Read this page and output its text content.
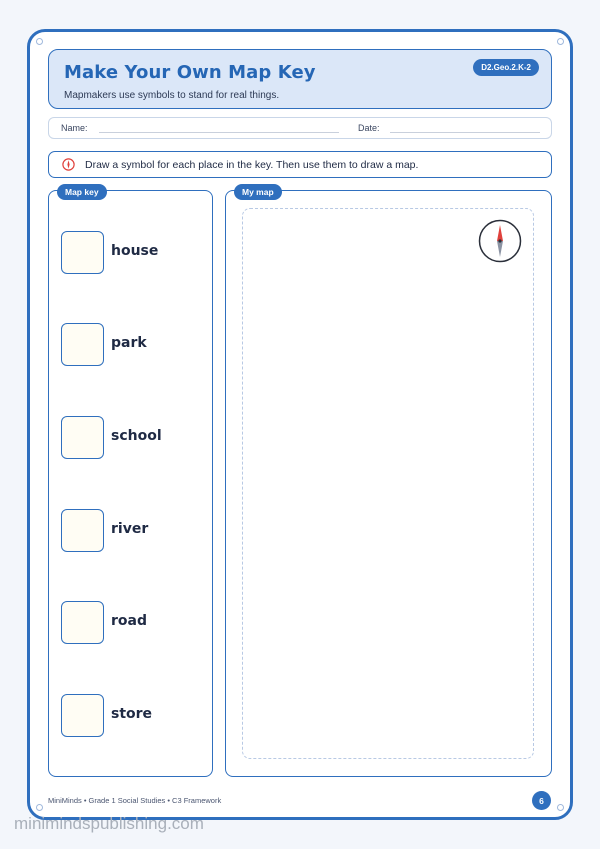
Make Your Own Map Key
Mapmakers use symbols to stand for real things.
D2.Geo.2.K-2
Name:	Date:
Draw a symbol for each place in the key. Then use them to draw a map.
Map key
house
park
school
river
road
store
My map
MiniMinds • Grade 1 Social Studies • C3 Framework	6
minimindspublishing.com
